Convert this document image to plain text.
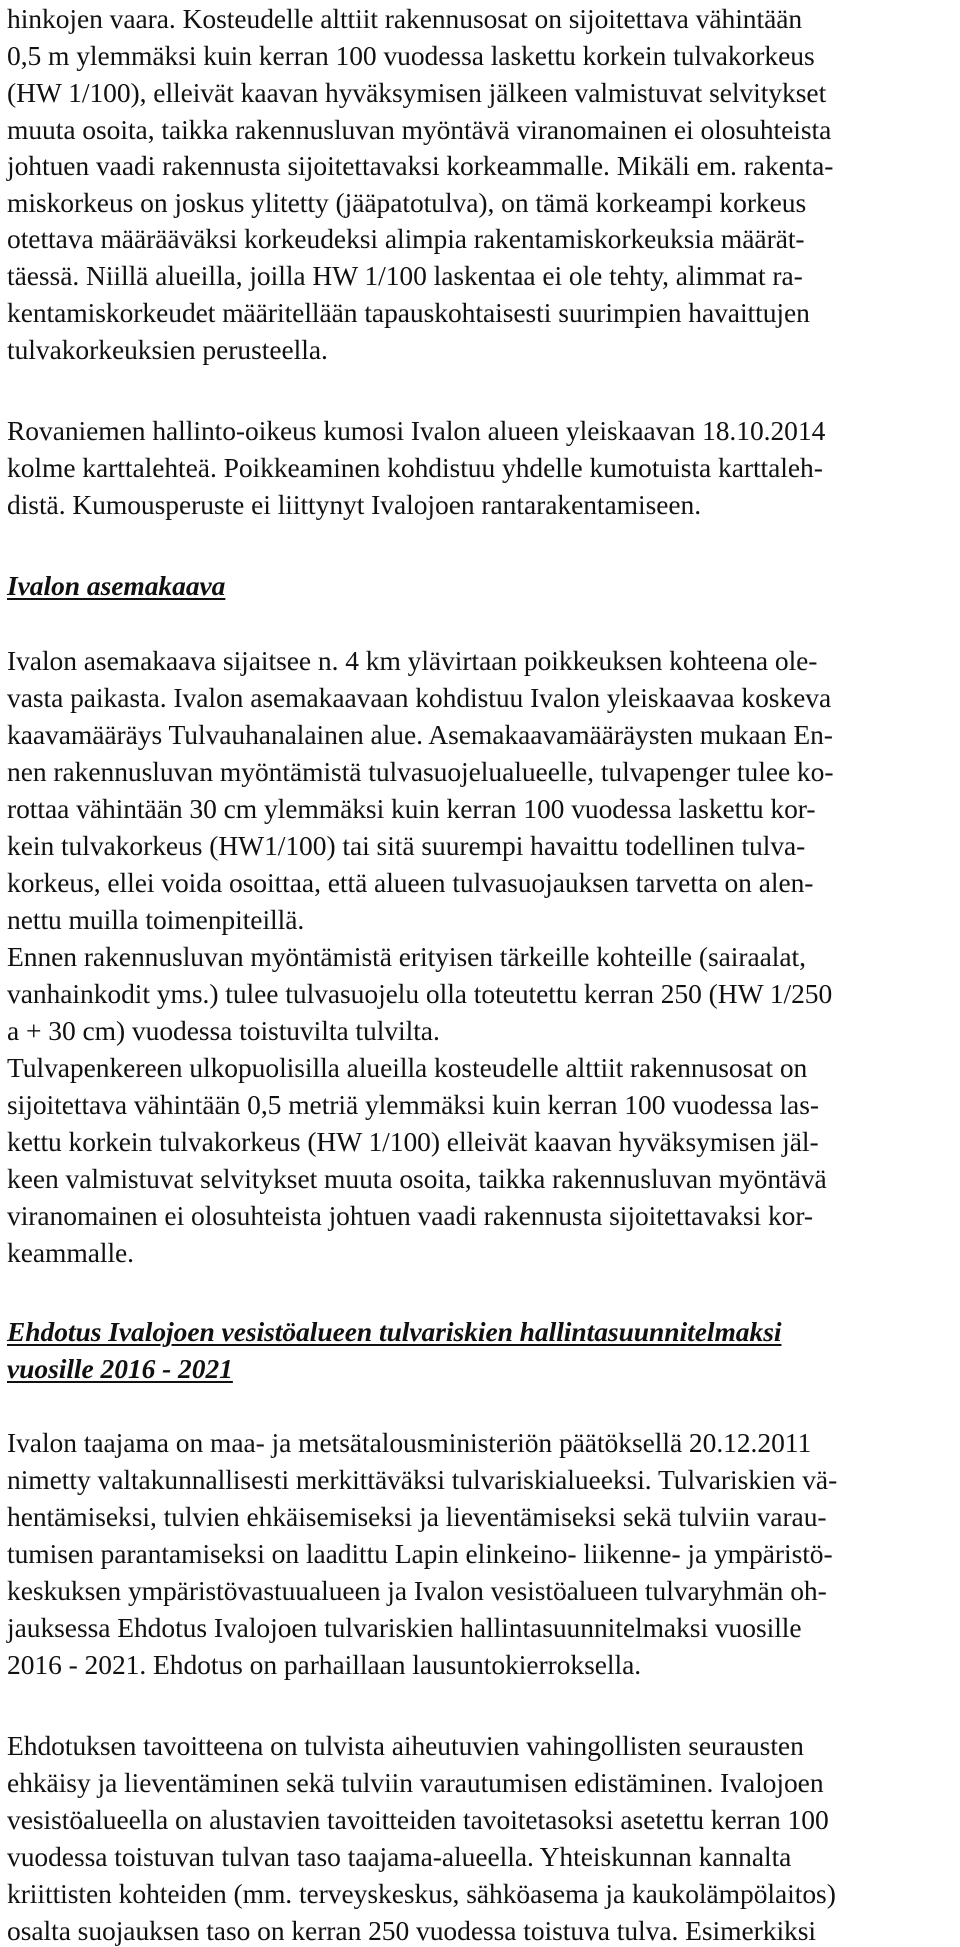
hinkojen vaara. Kosteudelle alttiit rakennusosat on sijoitettava vähintään
0,5 m ylemmäksi kuin kerran 100 vuodessa laskettu korkein tulvakorkeus
(HW 1/100), elleivät kaavan hyväksymisen jälkeen valmistuvat selvitykset
muuta osoita, taikka rakennusluvan myöntävä viranomainen ei olosuhteista
johtuen vaadi rakennusta sijoitettavaksi korkeammalle. Mikäli em. rakenta-
miskorkeus on joskus ylitetty (jääpatotulva), on tämä korkeampi korkeus
otettava määrääväksi korkeudeksi alimpia rakentamiskorkeuksia määrät-
täessä. Niillä alueilla, joilla HW 1/100 laskentaa ei ole tehty, alimmat ra-
kentamiskorkeudet määritellään tapauskohtaisesti suurimpien havaittujen
tulvakorkeuksien perusteella.
Rovaniemen hallinto-oikeus kumosi Ivalon alueen yleiskaavan 18.10.2014
kolme karttalehteä. Poikkeaminen kohdistuu yhdelle kumotuista karttaleh-
distä. Kumousperuste ei liittynyt Ivalojoen rantarakentamiseen.
Ivalon asemakaava
Ivalon asemakaava sijaitsee n. 4 km ylävirtaan poikkeuksen kohteena ole-
vasta paikasta. Ivalon asemakaavaan kohdistuu Ivalon yleiskaavaa koskeva
kaavamääräys Tulvauhanalainen alue. Asemakaavamääräysten mukaan En-
nen rakennusluvan myöntämistä tulvasuojelualueelle, tulvapenger tulee ko-
rottaa vähintään 30 cm ylemmäksi kuin kerran 100 vuodessa laskettu kor-
kein tulvakorkeus (HW1/100) tai sitä suurempi havaittu todellinen tulva-
korkeus, ellei voida osoittaa, että alueen tulvasuojauksen tarvetta on alen-
nettu muilla toimenpiteillä.
Ennen rakennusluvan myöntämistä erityisen tärkeille kohteille (sairaalat,
vanhainkodit yms.) tulee tulvasuojelu olla toteutettu kerran 250 (HW 1/250
a + 30 cm) vuodessa toistuvilta tulvilta.
Tulvapenkereen ulkopuolisilla alueilla kosteudelle alttiit rakennusosat on
sijoitettava vähintään 0,5 metriä ylemmäksi kuin kerran 100 vuodessa las-
kettu korkein tulvakorkeus (HW 1/100) elleivät kaavan hyväksymisen jäl-
keen valmistuvat selvitykset muuta osoita, taikka rakennusluvan myöntävä
viranomainen ei olosuhteista johtuen vaadi rakennusta sijoitettavaksi kor-
keammalle.
Ehdotus Ivalojoen vesistöalueen tulvariskien hallintasuunnitelmaksi
vuosille 2016 - 2021
Ivalon taajama on maa- ja metsätalousministeriön päätöksellä 20.12.2011
nimetty valtakunnallisesti merkittäväksi tulvariskialueeksi. Tulvariskien vä-
hentämiseksi, tulvien ehkäisemiseksi ja lieventämiseksi sekä tulviin varau-
tumisen parantamiseksi on laadittu Lapin elinkeino- liikenne- ja ympäristö-
keskuksen ympäristövastuualueen ja Ivalon vesistöalueen tulvaryhmän oh-
jauksessa Ehdotus Ivalojoen tulvariskien hallintasuunnitelmaksi vuosille
2016 - 2021. Ehdotus on parhaillaan lausuntokierroksella.
Ehdotuksen tavoitteena on tulvista aiheutuvien vahingollisten seurausten
ehkäisy ja lieventäminen sekä tulviin varautumisen edistäminen. Ivalojoen
vesistöalueella on alustavien tavoitteiden tavoitetasoksi asetettu kerran 100
vuodessa toistuvan tulvan taso taajama-alueella. Yhteiskunnan kannalta
kriittisten kohteiden (mm. terveyskeskus, sähköasema ja kaukolämpölaitos)
osalta suojauksen taso on kerran 250 vuodessa toistuva tulva. Esimerkiksi
